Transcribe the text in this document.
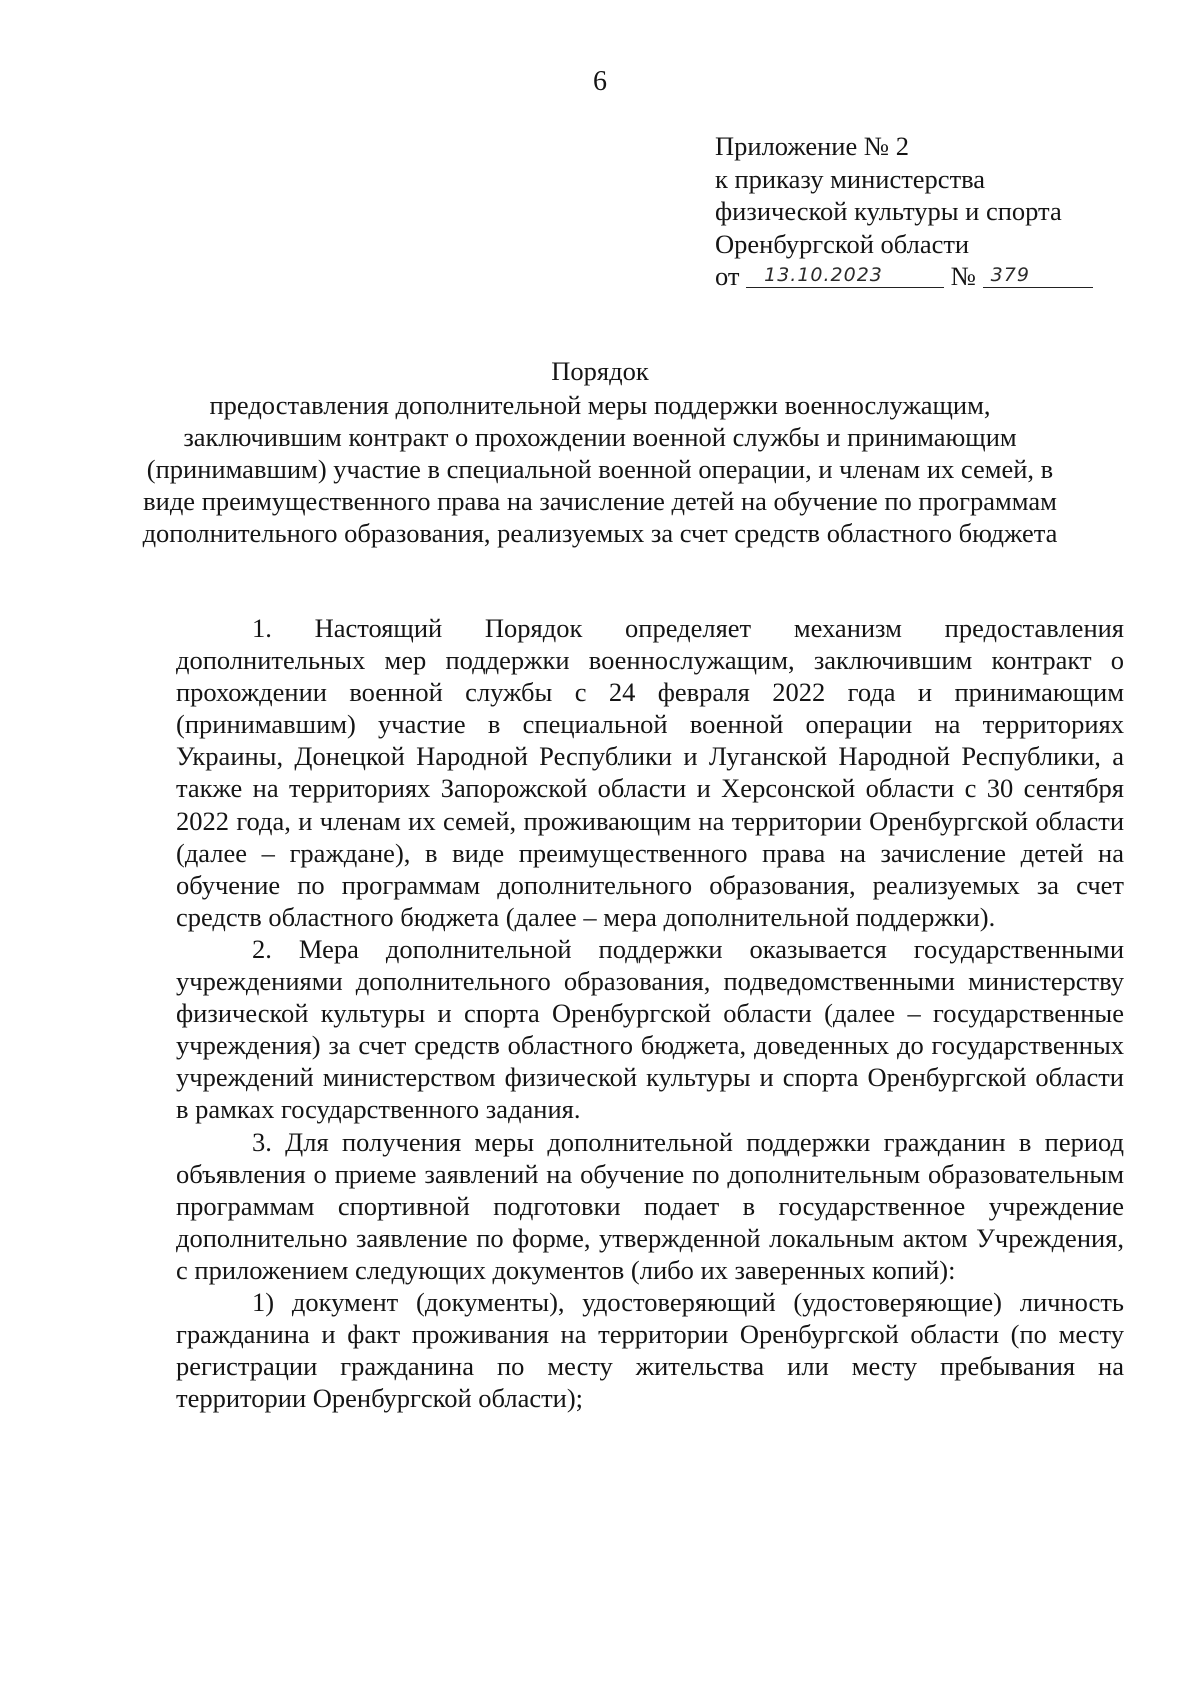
6
Приложение № 2
к приказу министерства
физической культуры и спорта
Оренбургской области
от 13.10.2023	№ 379
Порядок
предоставления дополнительной меры поддержки военнослужащим, заключившим контракт о прохождении военной службы и принимающим (принимавшим) участие в специальной военной операции, и членам их семей, в виде преимущественного права на зачисление детей на обучение по программам дополнительного образования, реализуемых за счет средств областного бюджета

1. Настоящий Порядок определяет механизм предоставления дополнительных мер поддержки военнослужащим, заключившим контракт о прохождении военной службы с 24 февраля 2022 года и принимающим (принимавшим) участие в специальной военной операции на территориях Украины, Донецкой Народной Республики и Луганской Народной Республики, а также на территориях Запорожской области и Херсонской области с 30 сентября 2022 года, и членам их семей, проживающим на территории Оренбургской области (далее – граждане), в виде преимущественного права на зачисление детей на обучение по программам дополнительного образования, реализуемых за счет средств областного бюджета (далее – мера дополнительной поддержки).

2. Мера дополнительной поддержки оказывается государственными учреждениями дополнительного образования, подведомственными министерству физической культуры и спорта Оренбургской области (далее – государственные учреждения) за счет средств областного бюджета, доведенных до государственных учреждений министерством физической культуры и спорта Оренбургской области в рамках государственного задания.

3. Для получения меры дополнительной поддержки гражданин в период объявления о приеме заявлений на обучение по дополнительным образовательным программам спортивной подготовки подает в государственное учреждение дополнительно заявление по форме, утвержденной локальным актом Учреждения, с приложением следующих документов (либо их заверенных копий):

1) документ (документы), удостоверяющий (удостоверяющие) личность гражданина и факт проживания на территории Оренбургской области (по месту регистрации гражданина по месту жительства или месту пребывания на территории Оренбургской области);
